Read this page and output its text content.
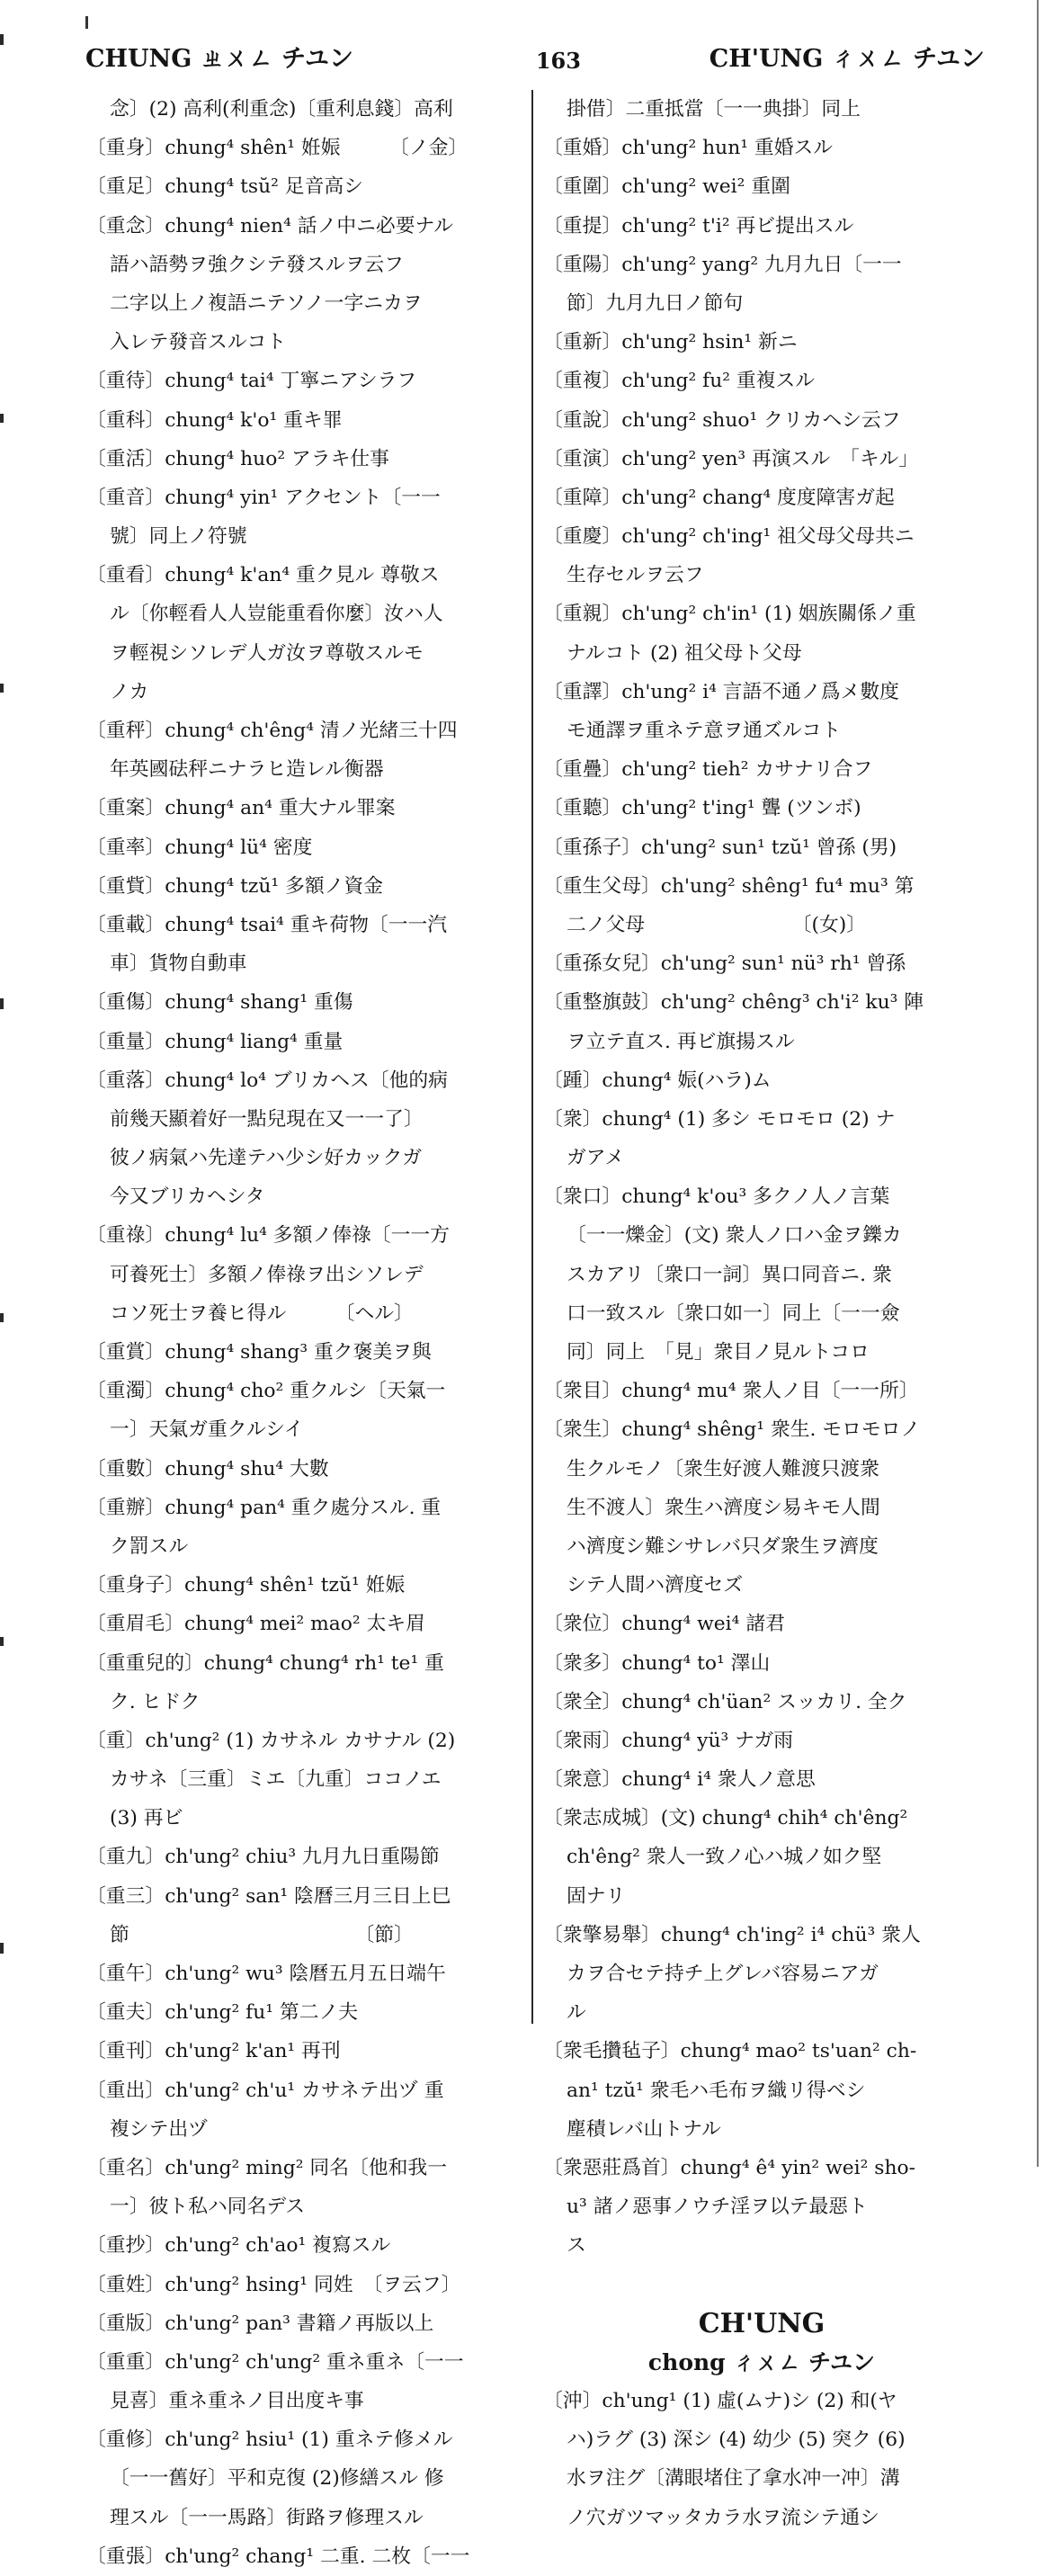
CHUNG ㄓㄨㄥ チユン	163	CH'UNG ㄔㄨㄥ チユン
念〕(2) 高利(利重念)〔重利息錢〕高利
〔重身〕chung⁴ shên¹ 姙娠　　　〔ノ金〕
〔重足〕chung⁴ tsŭ² 足音高シ
〔重念〕chung⁴ nien⁴ 話ノ中ニ必要ナル
語ハ語勢ヲ強クシテ發スルヲ云フ
二字以上ノ複語ニテソノ一字ニカヲ
入レテ發音スルコト
〔重待〕chung⁴ tai⁴ 丁寧ニアシラフ
〔重科〕chung⁴ k'o¹ 重キ罪
〔重活〕chung⁴ huo² アラキ仕事
〔重音〕chung⁴ yin¹ アクセント〔一一
號〕同上ノ符號
〔重看〕chung⁴ k'an⁴ 重ク見ル 尊敬ス
ル〔你輕看人人豈能重看你麼〕汝ハ人
ヲ輕視シソレデ人ガ汝ヲ尊敬スルモ
ノカ
〔重秤〕chung⁴ ch'êng⁴ 清ノ光緒三十四
年英國砝秤ニナラヒ造レル衡器
〔重案〕chung⁴ an⁴ 重大ナル罪案
〔重率〕chung⁴ lü⁴ 密度
〔重貲〕chung⁴ tzŭ¹ 多額ノ資金
〔重載〕chung⁴ tsai⁴ 重キ荷物〔一一汽
車〕貨物自動車
〔重傷〕chung⁴ shang¹ 重傷
〔重量〕chung⁴ liang⁴ 重量
〔重落〕chung⁴ lo⁴ ブリカヘス〔他的病
前幾天顯着好一點兒現在又一一了〕
彼ノ病氣ハ先達テハ少シ好カックガ
今又ブリカヘシタ
〔重祿〕chung⁴ lu⁴ 多額ノ俸祿〔一一方
可養死士〕多額ノ俸祿ヲ出シソレデ
コソ死士ヲ養ヒ得ル　　　〔ヘル〕
〔重賞〕chung⁴ shang³ 重ク褒美ヲ與
〔重濁〕chung⁴ cho² 重クルシ〔天氣一
一〕天氣ガ重クルシイ
〔重數〕chung⁴ shu⁴ 大數
〔重辦〕chung⁴ pan⁴ 重ク處分スル. 重
ク罰スル
〔重身子〕chung⁴ shên¹ tzŭ¹ 姙娠
〔重眉毛〕chung⁴ mei² mao² 太キ眉
〔重重兒的〕chung⁴ chung⁴ rh¹ te¹ 重
ク. ヒドク
〔重〕ch'ung² (1) カサネル カサナル (2)
カサネ〔三重〕ミエ〔九重〕ココノエ
(3) 再ビ
〔重九〕ch'ung² chiu³ 九月九日重陽節
〔重三〕ch'ung² san¹ 陰曆三月三日上巳
節　　　　　　　　　　　　〔節〕
〔重午〕ch'ung² wu³ 陰曆五月五日端午
〔重夫〕ch'ung² fu¹ 第二ノ夫
〔重刊〕ch'ung² k'an¹ 再刊
〔重出〕ch'ung² ch'u¹ カサネテ出ヅ 重
複シテ出ヅ
〔重名〕ch'ung² ming² 同名〔他和我一
一〕彼ト私ハ同名デス
〔重抄〕ch'ung² ch'ao¹ 複寫スル
〔重姓〕ch'ung² hsing¹ 同姓　〔ヲ云フ〕
〔重版〕ch'ung² pan³ 書籍ノ再版以上
〔重重〕ch'ung² ch'ung² 重ネ重ネ〔一一
見喜〕重ネ重ネノ目出度キ事
〔重修〕ch'ung² hsiu¹ (1) 重ネテ修メル
〔一一舊好〕平和克復 (2)修繕スル 修
理スル〔一一馬路〕街路ヲ修理スル
〔重張〕ch'ung² chang¹ 二重. 二枚〔一一
掛借〕二重抵當〔一一典掛〕同上
〔重婚〕ch'ung² hun¹ 重婚スル
〔重圍〕ch'ung² wei² 重圍
〔重提〕ch'ung² t'i² 再ビ提出スル
〔重陽〕ch'ung² yang² 九月九日〔一一
節〕九月九日ノ節句
〔重新〕ch'ung² hsin¹ 新ニ
〔重複〕ch'ung² fu² 重複スル
〔重說〕ch'ung² shuo¹ クリカヘシ云フ
〔重演〕ch'ung² yen³ 再演スル　「キル」
〔重障〕ch'ung² chang⁴ 度度障害ガ起
〔重慶〕ch'ung² ch'ing¹ 祖父母父母共ニ
生存セルヲ云フ
〔重親〕ch'ung² ch'in¹ (1) 姻族關係ノ重
ナルコト (2) 祖父母ト父母
〔重譯〕ch'ung² i⁴ 言語不通ノ爲メ數度
モ通譯ヲ重ネテ意ヲ通ズルコト
〔重疊〕ch'ung² tieh² カサナリ合フ
〔重聽〕ch'ung² t'ing¹ 聾 (ツンボ)
〔重孫子〕ch'ung² sun¹ tzŭ¹ 曾孫 (男)
〔重生父母〕ch'ung² shêng¹ fu⁴ mu³ 第
二ノ父母　　　　　　　　〔(女)〕
〔重孫女兒〕ch'ung² sun¹ nü³ rh¹ 曾孫
〔重整旗鼓〕ch'ung² chêng³ ch'i² ku³ 陣
ヲ立テ直ス. 再ビ旗揚スル
〔踵〕chung⁴ 娠(ハラ)ム
〔衆〕chung⁴ (1) 多シ モロモロ (2) ナ
ガアメ
〔衆口〕chung⁴ k'ou³ 多クノ人ノ言葉
〔一一爍金〕(文) 衆人ノ口ハ金ヲ鑠カ
スカアリ〔衆口一詞〕異口同音ニ. 衆
口一致スル〔衆口如一〕同上〔一一僉
同〕同上　「見」衆目ノ見ルトコロ
〔衆目〕chung⁴ mu⁴ 衆人ノ目〔一一所〕
〔衆生〕chung⁴ shêng¹ 衆生. モロモロノ
生クルモノ〔衆生好渡人難渡只渡衆
生不渡人〕衆生ハ濟度シ易キモ人間
ハ濟度シ難シサレバ只ダ衆生ヲ濟度
シテ人間ハ濟度セズ
〔衆位〕chung⁴ wei⁴ 諸君
〔衆多〕chung⁴ to¹ 澤山
〔衆全〕chung⁴ ch'üan² スッカリ. 全ク
〔衆雨〕chung⁴ yü³ ナガ雨
〔衆意〕chung⁴ i⁴ 衆人ノ意思
〔衆志成城〕(文) chung⁴ chih⁴ ch'êng²
ch'êng² 衆人一致ノ心ハ城ノ如ク堅
固ナリ
〔衆擎易舉〕chung⁴ ch'ing² i⁴ chü³ 衆人
カヲ合セテ持チ上グレバ容易ニアガ
ル
〔衆毛攢毡子〕chung⁴ mao² ts'uan² ch-
an¹ tzŭ¹ 衆毛ハ毛布ヲ織リ得ベシ
塵積レバ山トナル
〔衆惡莊爲首〕chung⁴ ê⁴ yin² wei² sho-
u³ 諸ノ惡事ノウチ淫ヲ以テ最惡ト
ス
CH'UNG
chong ㄔㄨㄥ チユン
〔沖〕ch'ung¹ (1) 虛(ムナ)シ (2) 和(ヤ
ハ)ラグ (3) 深シ (4) 幼少 (5) 突ク (6)
水ヲ注グ〔溝眼堵住了拿水冲一冲〕溝
ノ穴ガツマッタカラ水ヲ流シテ通シ
